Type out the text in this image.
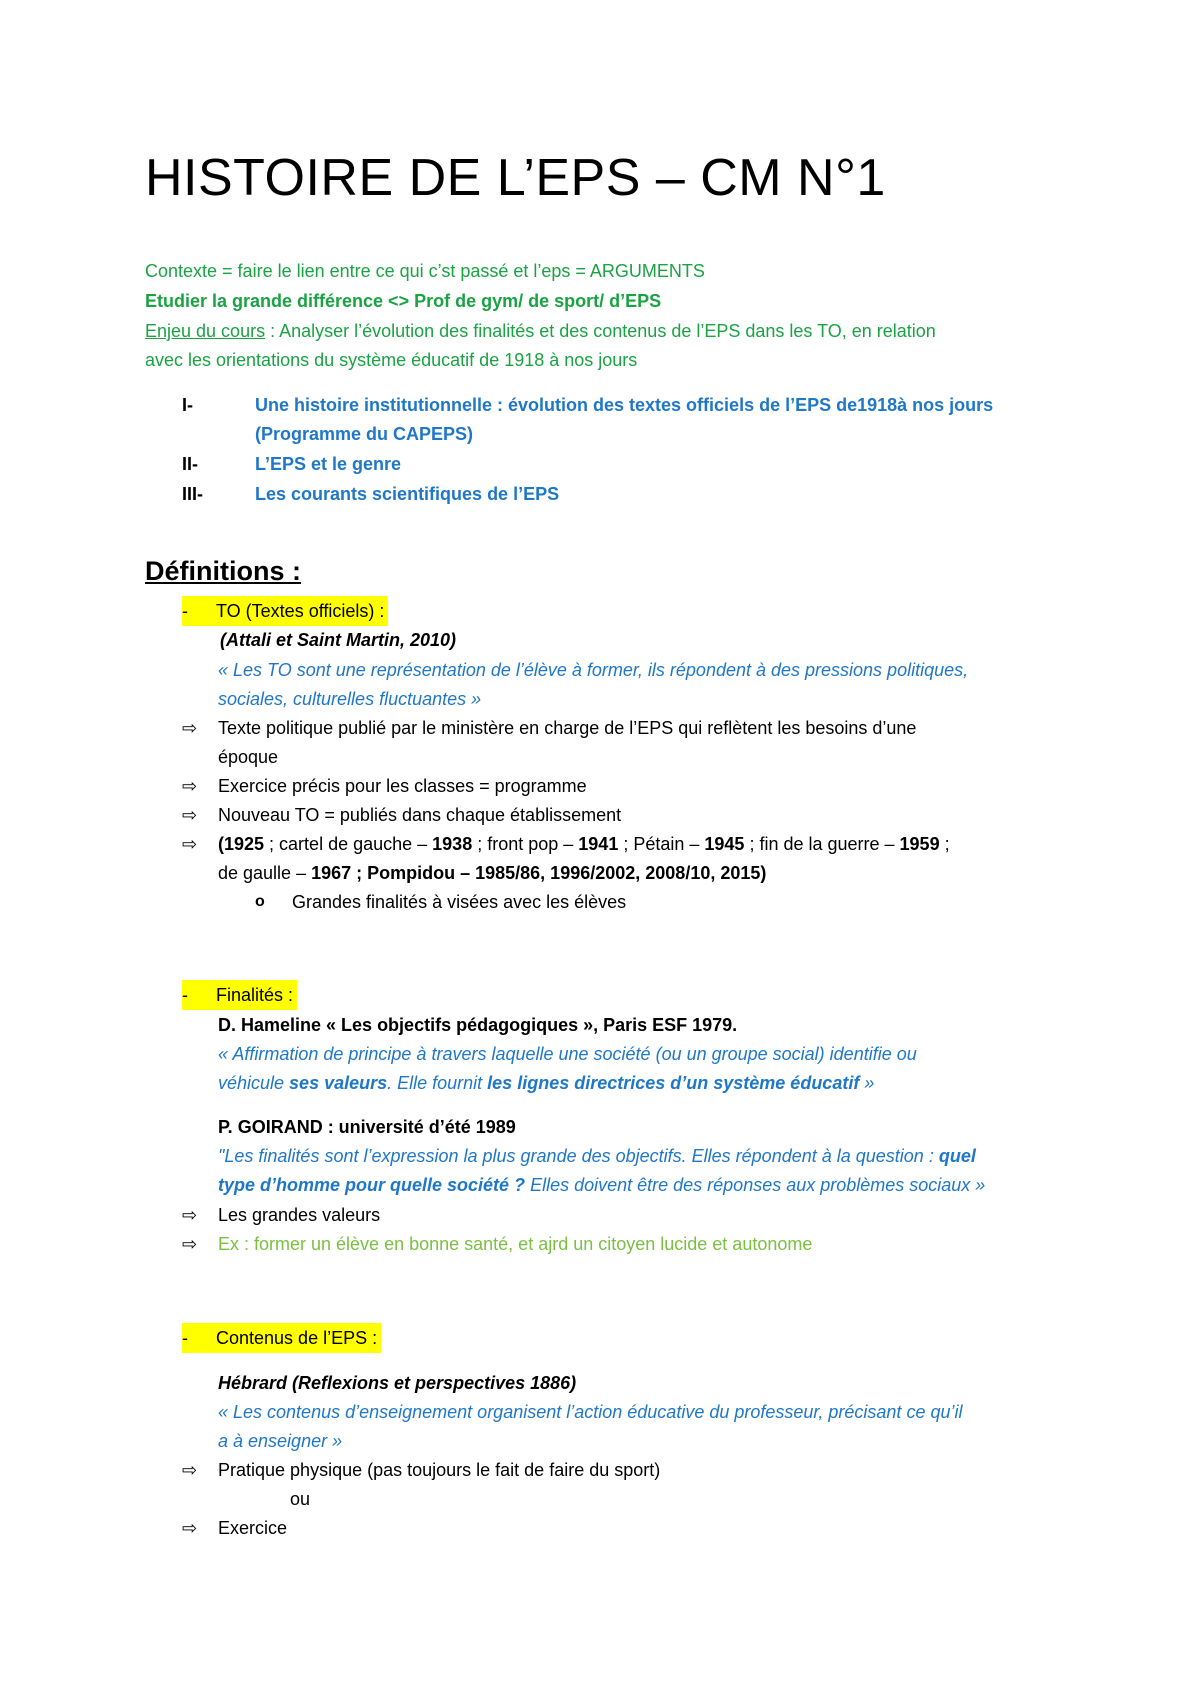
HISTOIRE DE L’EPS – CM N°1
Contexte = faire le lien entre ce qui c’st passé et l’eps = ARGUMENTS
Etudier la grande différence <> Prof de gym/ de sport/ d’EPS
Enjeu du cours : Analyser l’évolution des finalités et des contenus de l’EPS dans les TO, en relation
avec les orientations du système éducatif de 1918 à nos jours
I-	Une histoire institutionnelle : évolution des textes officiels de l’EPS de1918à nos jours
(Programme du CAPEPS)
II-	L’EPS et le genre
III-	Les courants scientifiques de l’EPS
Définitions :
- TO (Textes officiels) :
(Attali et Saint Martin, 2010)
« Les TO sont une représentation de l’élève à former, ils répondent à des pressions politiques,
sociales, culturelles fluctuantes »
⇨ Texte politique publié par le ministère en charge de l’EPS qui reflètent les besoins d’une
époque
⇨ Exercice précis pour les classes = programme
⇨ Nouveau TO = publiés dans chaque établissement
⇨ (1925 ; cartel de gauche – 1938 ; front pop – 1941 ; Pétain – 1945 ; fin de la guerre – 1959 ;
de gaulle – 1967 ; Pompidou – 1985/86, 1996/2002, 2008/10, 2015)
o Grandes finalités à visées avec les élèves
- Finalités :
D. Hameline « Les objectifs pédagogiques », Paris ESF 1979.
« Affirmation de principe à travers laquelle une société (ou un groupe social) identifie ou
véhicule ses valeurs. Elle fournit les lignes directrices d’un système éducatif »
P. GOIRAND : université d’été 1989
"Les finalités sont l’expression la plus grande des objectifs. Elles répondent à la question : quel
type d’homme pour quelle société ? Elles doivent être des réponses aux problèmes sociaux »
⇨ Les grandes valeurs
⇨ Ex : former un élève en bonne santé, et ajrd un citoyen lucide et autonome
- Contenus de l’EPS :
Hébrard (Reflexions et perspectives 1886)
« Les contenus d’enseignement organisent l’action éducative du professeur, précisant ce qu’il
a à enseigner »
⇨ Pratique physique (pas toujours le fait de faire du sport)
ou
⇨ Exercice
